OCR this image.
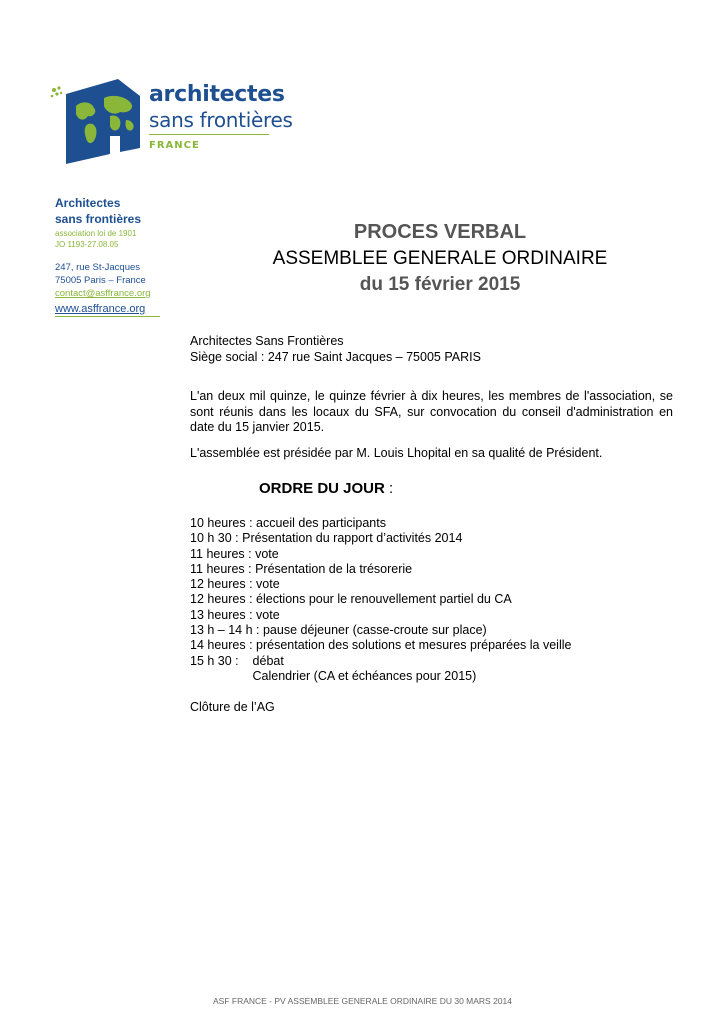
architectes
sans frontières
FRANCE
Architectes
sans frontières
association loi de 1901
JO 1193-27.08.05
247, rue St-Jacques
75005 Paris – France
contact@asffrance.org
www.asffrance.org
PROCES VERBAL
ASSEMBLEE GENERALE ORDINAIRE
du 15 février 2015
Architectes Sans Frontières
Siège social : 247 rue Saint Jacques – 75005 PARIS
L'an deux mil quinze, le quinze février à dix heures, les membres de l'association, se sont réunis dans les locaux du SFA, sur convocation du conseil d'administration en date du 15 janvier 2015.
L'assemblée est présidée par M. Louis Lhopital en sa qualité de Président.
ORDRE DU JOUR :
10 heures : accueil des participants
10 h 30 : Présentation du rapport d’activités 2014
11 heures : vote
11 heures : Présentation de la trésorerie
12 heures : vote
12 heures : élections pour le renouvellement partiel du CA
13 heures : vote
13 h – 14 h : pause déjeuner (casse-croute sur place)
14 heures : présentation des solutions et mesures préparées la veille
15 h 30 :    débat
Calendrier (CA et échéances pour 2015)
Clôture de l’AG
ASF FRANCE - PV ASSEMBLEE GENERALE ORDINAIRE DU 30 MARS 2014
